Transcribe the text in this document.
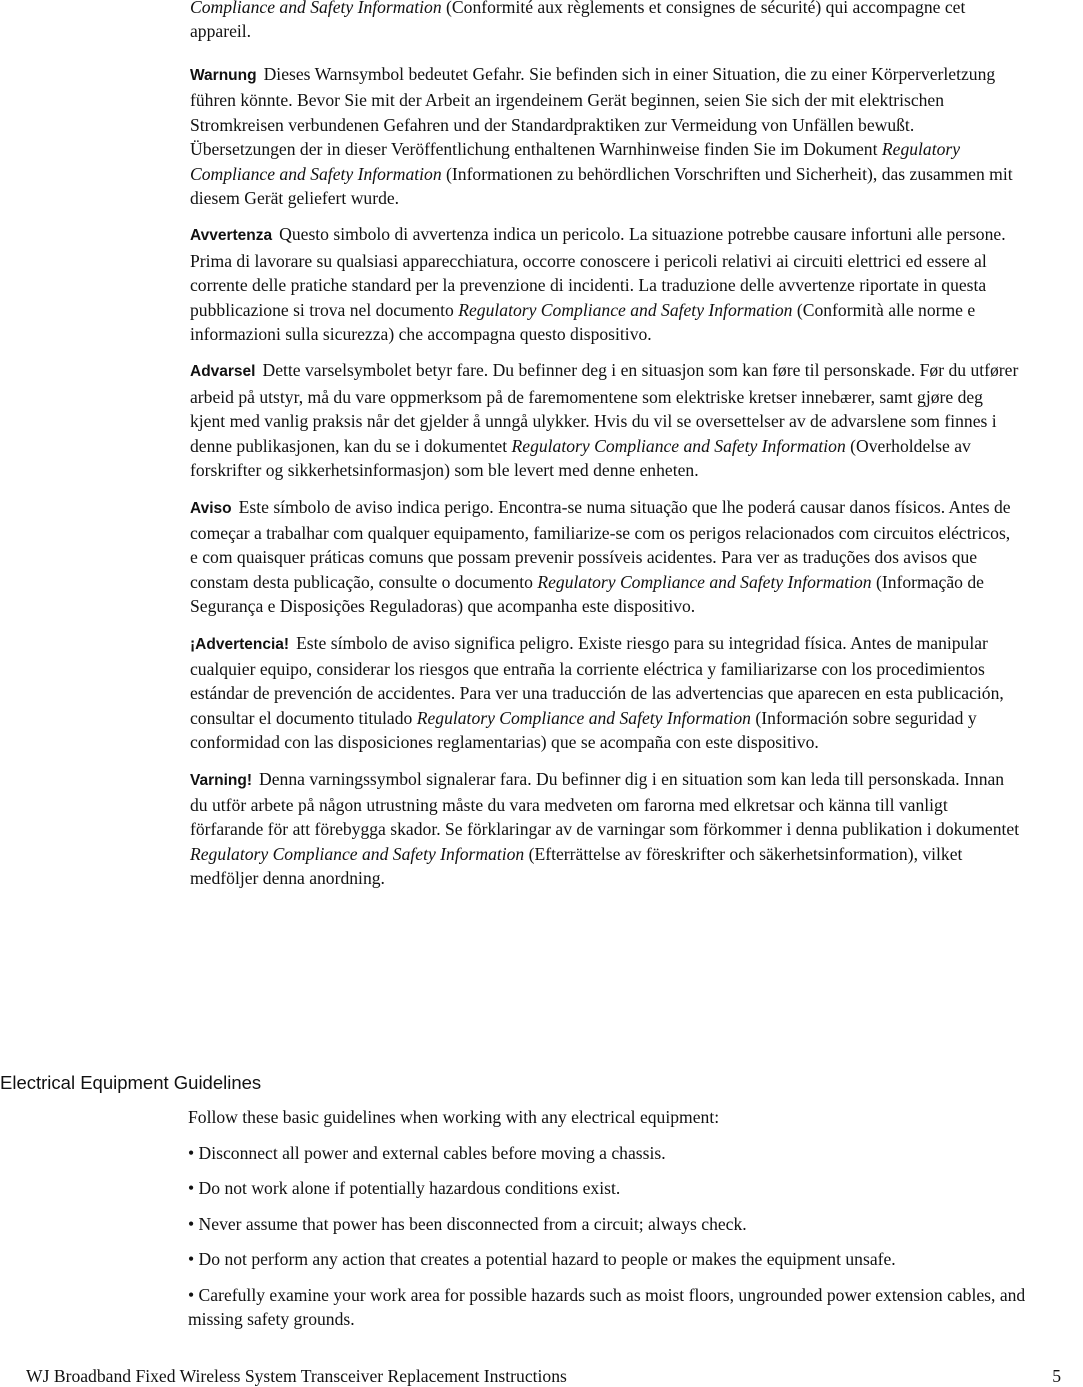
Compliance and Safety Information (Conformité aux règlements et consignes de sécurité) qui accompagne cet appareil.

Warnung Dieses Warnsymbol bedeutet Gefahr. Sie befinden sich in einer Situation, die zu einer Körperverletzung führen könnte. Bevor Sie mit der Arbeit an irgendeinem Gerät beginnen, seien Sie sich der mit elektrischen Stromkreisen verbundenen Gefahren und der Standardpraktiken zur Vermeidung von Unfällen bewußt. Übersetzungen der in dieser Veröffentlichung enthaltenen Warnhinweise finden Sie im Dokument Regulatory Compliance and Safety Information (Informationen zu behördlichen Vorschriften und Sicherheit), das zusammen mit diesem Gerät geliefert wurde.

Avvertenza Questo simbolo di avvertenza indica un pericolo. La situazione potrebbe causare infortuni alle persone. Prima di lavorare su qualsiasi apparecchiatura, occorre conoscere i pericoli relativi ai circuiti elettrici ed essere al corrente delle pratiche standard per la prevenzione di incidenti. La traduzione delle avvertenze riportate in questa pubblicazione si trova nel documento Regulatory Compliance and Safety Information (Conformità alle norme e informazioni sulla sicurezza) che accompagna questo dispositivo.

Advarsel Dette varselsymbolet betyr fare. Du befinner deg i en situasjon som kan føre til personskade. Før du utfører arbeid på utstyr, må du vare oppmerksom på de faremomentene som elektriske kretser innebærer, samt gjøre deg kjent med vanlig praksis når det gjelder å unngå ulykker. Hvis du vil se oversettelser av de advarslene som finnes i denne publikasjonen, kan du se i dokumentet Regulatory Compliance and Safety Information (Overholdelse av forskrifter og sikkerhetsinformasjon) som ble levert med denne enheten.

Aviso Este símbolo de aviso indica perigo. Encontra-se numa situação que lhe poderá causar danos físicos. Antes de começar a trabalhar com qualquer equipamento, familiarize-se com os perigos relacionados com circuitos eléctricos, e com quaisquer práticas comuns que possam prevenir possíveis acidentes. Para ver as traduções dos avisos que constam desta publicação, consulte o documento Regulatory Compliance and Safety Information (Informação de Segurança e Disposições Reguladoras) que acompanha este dispositivo.

¡Advertencia! Este símbolo de aviso significa peligro. Existe riesgo para su integridad física. Antes de manipular cualquier equipo, considerar los riesgos que entraña la corriente eléctrica y familiarizarse con los procedimientos estándar de prevención de accidentes. Para ver una traducción de las advertencias que aparecen en esta publicación, consultar el documento titulado Regulatory Compliance and Safety Information (Información sobre seguridad y conformidad con las disposiciones reglamentarias) que se acompaña con este dispositivo.

Varning! Denna varningssymbol signalerar fara. Du befinner dig i en situation som kan leda till personskada. Innan du utför arbete på någon utrustning måste du vara medveten om farorna med elkretsar och känna till vanligt förfarande för att förebygga skador. Se förklaringar av de varningar som förkommer i denna publikation i dokumentet Regulatory Compliance and Safety Information (Efterrättelse av föreskrifter och säkerhetsinformation), vilket medföljer denna anordning.

Electrical Equipment Guidelines

Follow these basic guidelines when working with any electrical equipment:

• Disconnect all power and external cables before moving a chassis.

• Do not work alone if potentially hazardous conditions exist.

• Never assume that power has been disconnected from a circuit; always check.

• Do not perform any action that creates a potential hazard to people or makes the equipment unsafe.

• Carefully examine your work area for possible hazards such as moist floors, ungrounded power extension cables, and missing safety grounds.

WJ Broadband Fixed Wireless System Transceiver Replacement Instructions	5
